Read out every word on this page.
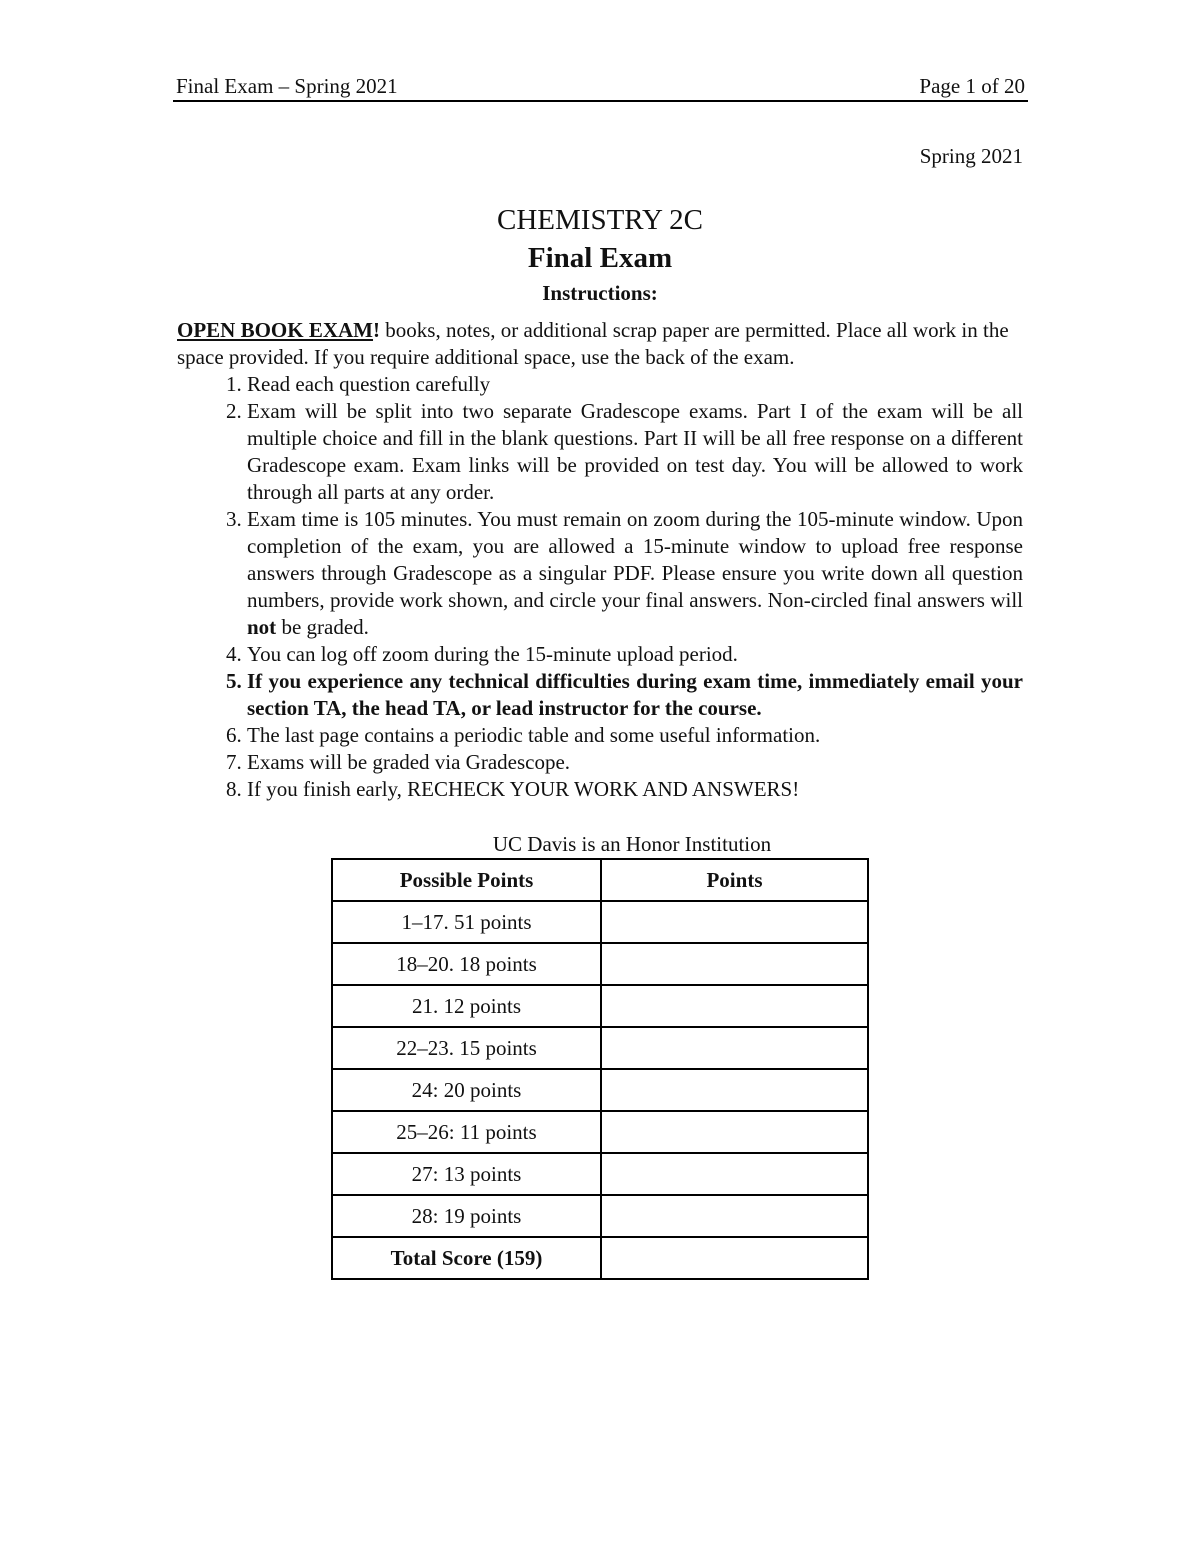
Final Exam – Spring 2021	Page 1 of 20
Spring 2021
CHEMISTRY 2C
Final Exam
Instructions:
OPEN BOOK EXAM! books, notes, or additional scrap paper are permitted. Place all work in the space provided. If you require additional space, use the back of the exam.
1. Read each question carefully
2. Exam will be split into two separate Gradescope exams. Part I of the exam will be all multiple choice and fill in the blank questions. Part II will be all free response on a different Gradescope exam. Exam links will be provided on test day. You will be allowed to work through all parts at any order.
3. Exam time is 105 minutes. You must remain on zoom during the 105-minute window. Upon completion of the exam, you are allowed a 15-minute window to upload free response answers through Gradescope as a singular PDF. Please ensure you write down all question numbers, provide work shown, and circle your final answers. Non-circled final answers will not be graded.
4. You can log off zoom during the 15-minute upload period.
5. If you experience any technical difficulties during exam time, immediately email your section TA, the head TA, or lead instructor for the course.
6. The last page contains a periodic table and some useful information.
7. Exams will be graded via Gradescope.
8. If you finish early, RECHECK YOUR WORK AND ANSWERS!
UC Davis is an Honor Institution
Possible Points	Points
1–17. 51 points	
18–20. 18 points	
21. 12 points	
22–23. 15 points	
24: 20 points	
25–26: 11 points	
27: 13 points	
28: 19 points	
Total Score (159)	
